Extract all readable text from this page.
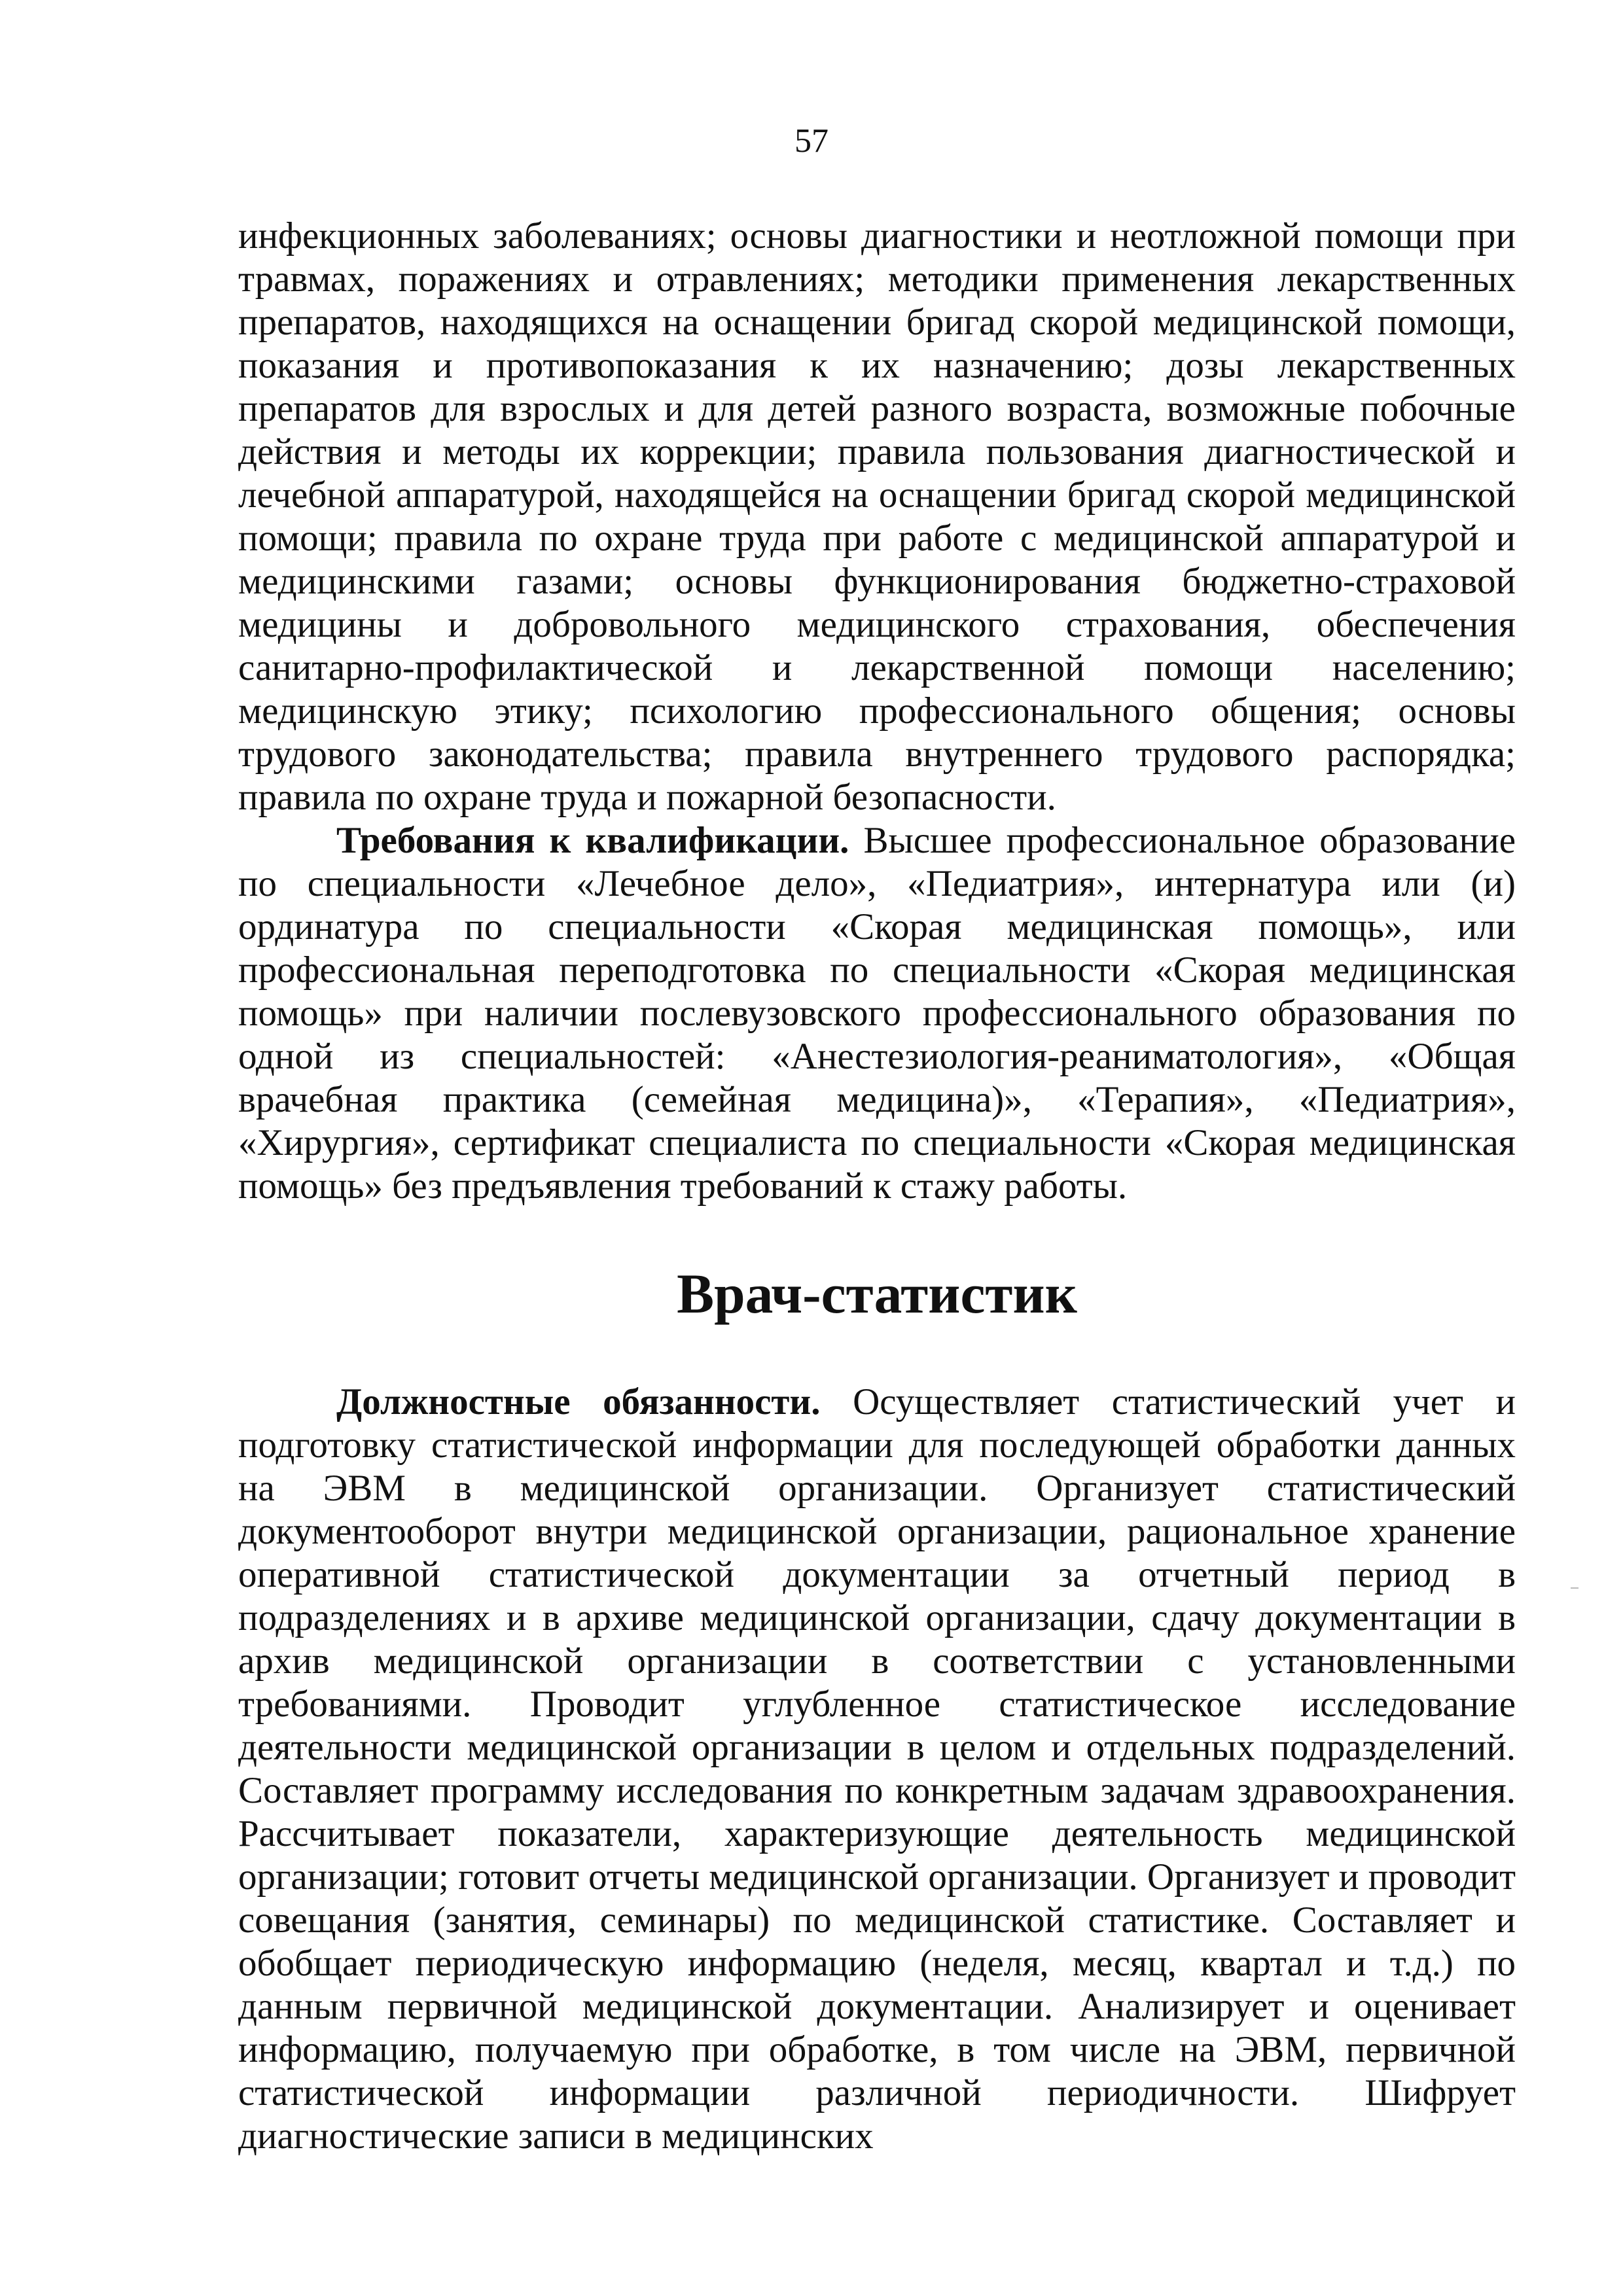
57

инфекционных заболеваниях; основы диагностики и неотложной помощи при травмах, поражениях и отравлениях; методики применения лекарственных препаратов, находящихся на оснащении бригад скорой медицинской помощи, показания и противопоказания к их назначению; дозы лекарственных препаратов для взрослых и для детей разного возраста, возможные побочные действия и методы их коррекции; правила пользования диагностической и лечебной аппаратурой, находящейся на оснащении бригад скорой медицинской помощи; правила по охране труда при работе с медицинской аппаратурой и медицинскими газами; основы функционирования бюджетно-страховой медицины и добровольного медицинского страхования, обеспечения санитарно-профилактической и лекарственной помощи населению; медицинскую этику; психологию профессионального общения; основы трудового законодательства; правила внутреннего трудового распорядка; правила по охране труда и пожарной безопасности.

Требования к квалификации. Высшее профессиональное образование по специальности «Лечебное дело», «Педиатрия», интернатура или (и) ординатура по специальности «Скорая медицинская помощь», или профессиональная переподготовка по специальности «Скорая медицинская помощь» при наличии послевузовского профессионального образования по одной из специальностей: «Анестезиология-реаниматология», «Общая врачебная практика (семейная медицина)», «Терапия», «Педиатрия», «Хирургия», сертификат специалиста по специальности «Скорая медицинская помощь» без предъявления требований к стажу работы.

Врач-статистик

Должностные обязанности. Осуществляет статистический учет и подготовку статистической информации для последующей обработки данных на ЭВМ в медицинской организации. Организует статистический документооборот внутри медицинской организации, рациональное хранение оперативной статистической документации за отчетный период в подразделениях и в архиве медицинской организации, сдачу документации в архив медицинской организации в соответствии с установленными требованиями. Проводит углубленное статистическое исследование деятельности медицинской организации в целом и отдельных подразделений. Составляет программу исследования по конкретным задачам здравоохранения. Рассчитывает показатели, характеризующие деятельность медицинской организации; готовит отчеты медицинской организации. Организует и проводит совещания (занятия, семинары) по медицинской статистике. Составляет и обобщает периодическую информацию (неделя, месяц, квартал и т.д.) по данным первичной медицинской документации. Анализирует и оценивает информацию, получаемую при обработке, в том числе на ЭВМ, первичной статистической информации различной периодичности. Шифрует диагностические записи в медицинских
